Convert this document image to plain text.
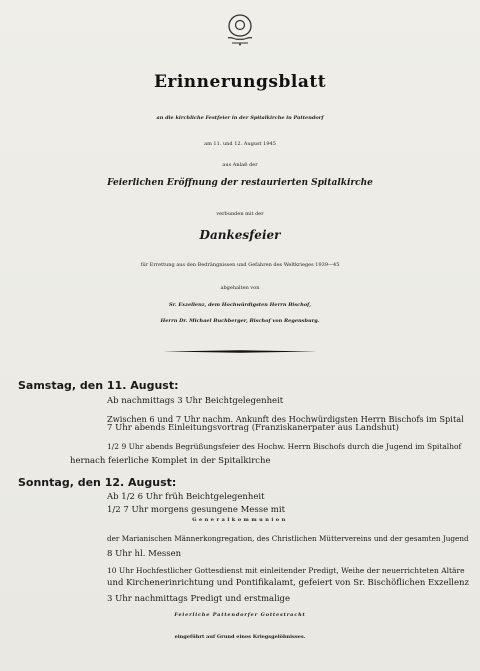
Erinnerungsblatt
an die kirchliche Festfeier in der Spitalkirche in Pattendorf
am 11. und 12. August 1945
aus Anlaß der
Feierlichen Eröffnung der restaurierten Spitalkirche
verbunden mit der
Dankesfeier
für Errettung aus den Bedrängnissen und Gefahren des Weltkrieges 1939—45
abgehalten von
Sr. Exzellenz, dem Hochwürdigsten Herrn Bischof,
Herrn Dr. Michael Buchberger, Bischof von Regensburg.
Samstag, den 11. August:
Ab nachmittags 3 Uhr Beichtgelegenheit
Zwischen 6 und 7 Uhr nachm. Ankunft des Hochwürdigsten Herrn Bischofs im Spital
7 Uhr abends Einleitungsvortrag (Franziskanerpater aus Landshut)
1/2 9 Uhr abends Begrüßungsfeier des Hochw. Herrn Bischofs durch die Jugend im Spitalhof
hernach feierliche Komplet in der Spitalkirche
Sonntag, den 12. August:
Ab 1/2 6 Uhr früh Beichtgelegenheit
1/2 7 Uhr morgens gesungene Messe mit
Generalkommunion
der Marianischen Männerkongregation, des Christlichen Müttervereins und der gesamten Jugend
8 Uhr hl. Messen
10 Uhr Hochfestlicher Gottesdienst mit einleitender Predigt, Weihe der neuerrichteten Altäre
und Kirchenerinrichtung und Pontifikalamt, gefeiert von Sr. Bischöflichen Exzellenz
3 Uhr nachmittags Predigt und erstmalige
Feierliche Pattendorfer Gottestracht
eingeführt auf Grund eines Kriegsgelöbnisses.
